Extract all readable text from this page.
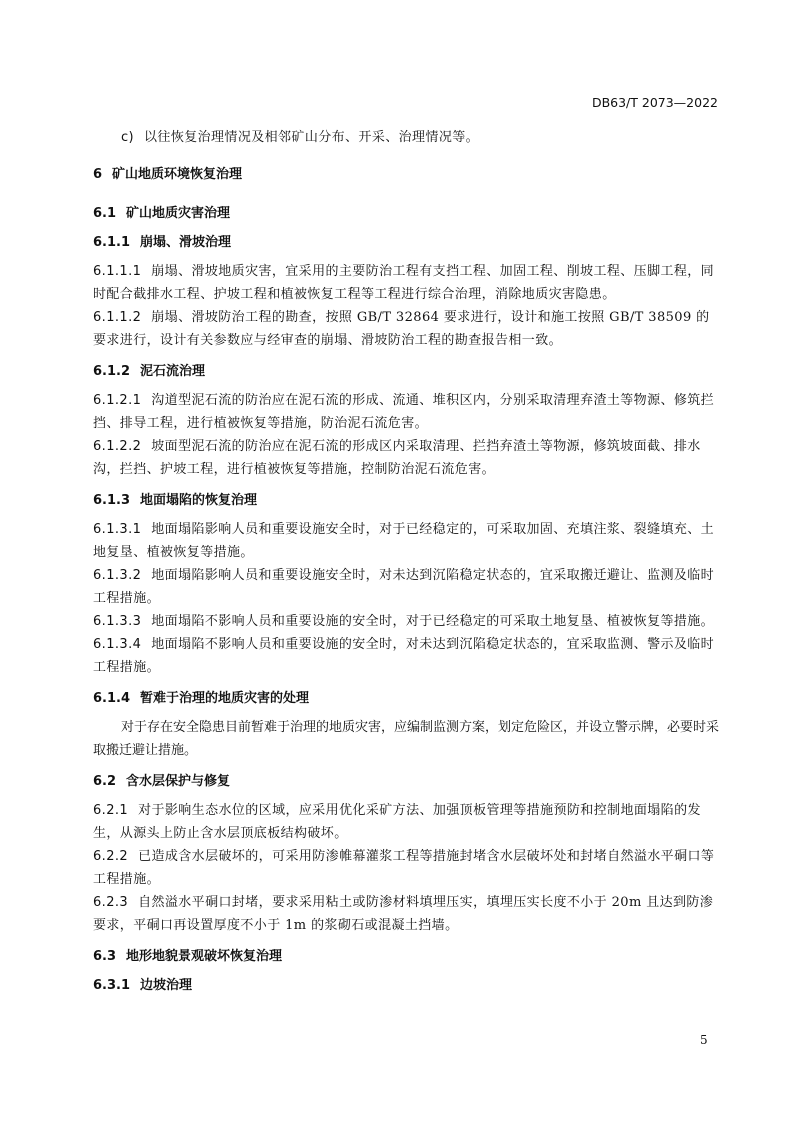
DB63/T 2073—2022
c) 以往恢复治理情况及相邻矿山分布、开采、治理情况等。
6 矿山地质环境恢复治理
6.1 矿山地质灾害治理
6.1.1 崩塌、滑坡治理
6.1.1.1 崩塌、滑坡地质灾害，宜采用的主要防治工程有支挡工程、加固工程、削坡工程、压脚工程，同时配合截排水工程、护坡工程和植被恢复工程等工程进行综合治理，消除地质灾害隐患。
6.1.1.2 崩塌、滑坡防治工程的勘查，按照 GB/T 32864 要求进行，设计和施工按照 GB/T 38509 的要求进行，设计有关参数应与经审查的崩塌、滑坡防治工程的勘查报告相一致。
6.1.2 泥石流治理
6.1.2.1 沟道型泥石流的防治应在泥石流的形成、流通、堆积区内，分别采取清理弃渣土等物源、修筑拦挡、排导工程，进行植被恢复等措施，防治泥石流危害。
6.1.2.2 坡面型泥石流的防治应在泥石流的形成区内采取清理、拦挡弃渣土等物源，修筑坡面截、排水沟，拦挡、护坡工程，进行植被恢复等措施，控制防治泥石流危害。
6.1.3 地面塌陷的恢复治理
6.1.3.1 地面塌陷影响人员和重要设施安全时，对于已经稳定的，可采取加固、充填注浆、裂缝填充、土地复垦、植被恢复等措施。
6.1.3.2 地面塌陷影响人员和重要设施安全时，对未达到沉陷稳定状态的，宜采取搬迁避让、监测及临时工程措施。
6.1.3.3 地面塌陷不影响人员和重要设施的安全时，对于已经稳定的可采取土地复垦、植被恢复等措施。
6.1.3.4 地面塌陷不影响人员和重要设施的安全时，对未达到沉陷稳定状态的，宜采取监测、警示及临时工程措施。
6.1.4 暂难于治理的地质灾害的处理
对于存在安全隐患目前暂难于治理的地质灾害，应编制监测方案，划定危险区，并设立警示牌，必要时采取搬迁避让措施。
6.2 含水层保护与修复
6.2.1 对于影响生态水位的区域，应采用优化采矿方法、加强顶板管理等措施预防和控制地面塌陷的发生，从源头上防止含水层顶底板结构破坏。
6.2.2 已造成含水层破坏的，可采用防渗帷幕灌浆工程等措施封堵含水层破坏处和封堵自然溢水平硐口等工程措施。
6.2.3 自然溢水平硐口封堵，要求采用粘土或防渗材料填埋压实，填埋压实长度不小于 20m 且达到防渗要求，平硐口再设置厚度不小于 1m 的浆砌石或混凝土挡墙。
6.3 地形地貌景观破坏恢复治理
6.3.1 边坡治理
5
